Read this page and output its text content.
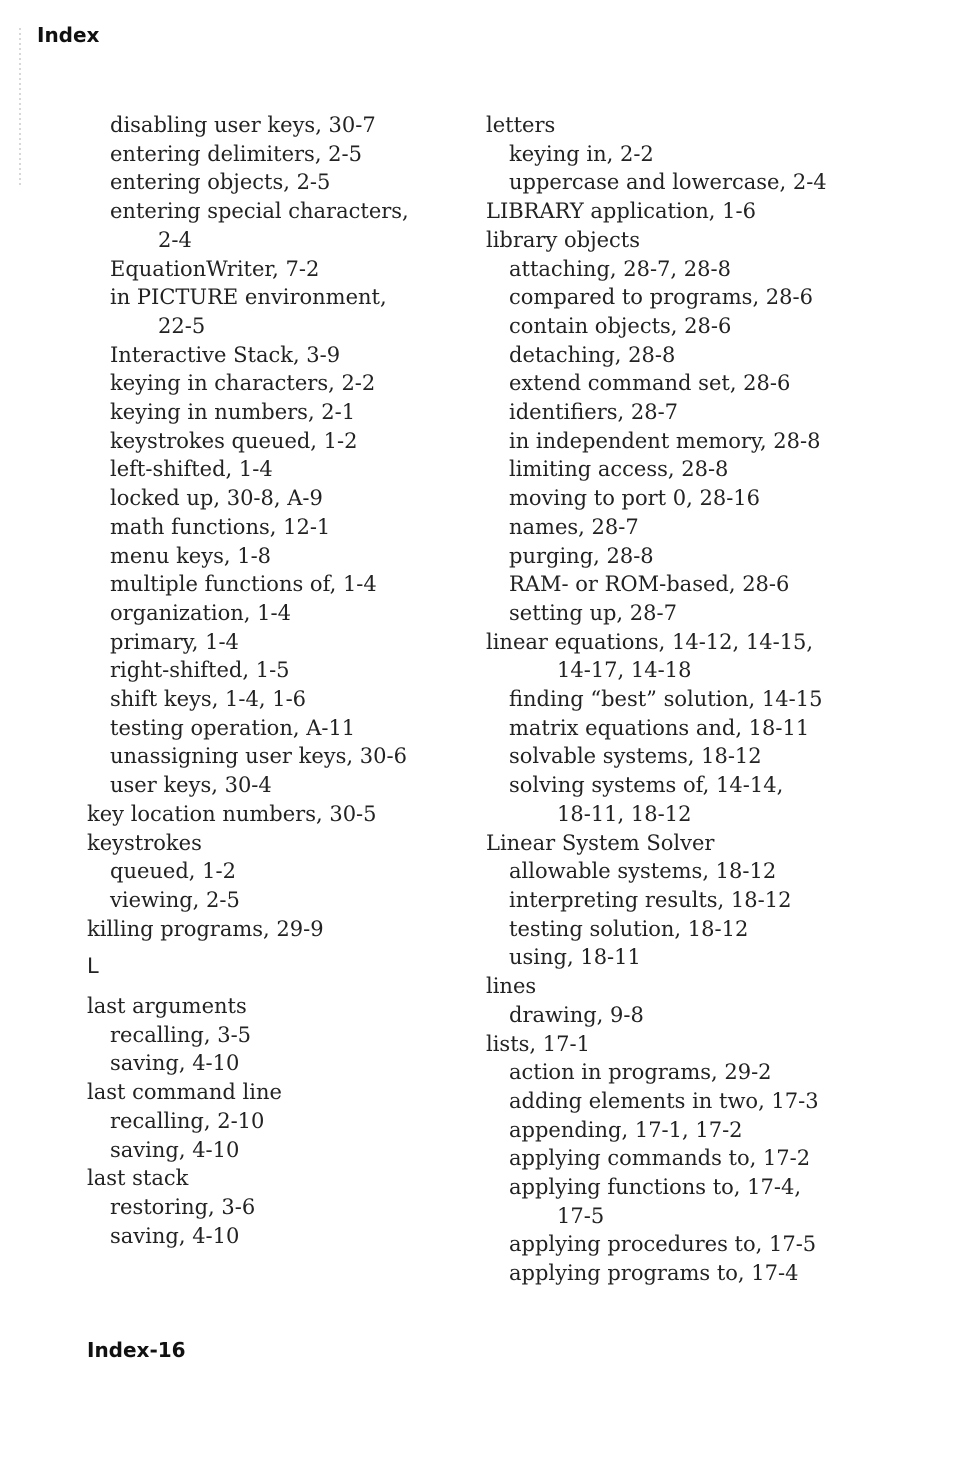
Index
disabling user keys, 30-7
entering delimiters, 2-5
entering objects, 2-5
entering special characters,
2-4
EquationWriter, 7-2
in PICTURE environment,
22-5
Interactive Stack, 3-9
keying in characters, 2-2
keying in numbers, 2-1
keystrokes queued, 1-2
left-shifted, 1-4
locked up, 30-8, A-9
math functions, 12-1
menu keys, 1-8
multiple functions of, 1-4
organization, 1-4
primary, 1-4
right-shifted, 1-5
shift keys, 1-4, 1-6
testing operation, A-11
unassigning user keys, 30-6
user keys, 30-4
key location numbers, 30-5
keystrokes
queued, 1-2
viewing, 2-5
killing programs, 29-9
L
last arguments
recalling, 3-5
saving, 4-10
last command line
recalling, 2-10
saving, 4-10
last stack
restoring, 3-6
saving, 4-10
letters
keying in, 2-2
uppercase and lowercase, 2-4
LIBRARY application, 1-6
library objects
attaching, 28-7, 28-8
compared to programs, 28-6
contain objects, 28-6
detaching, 28-8
extend command set, 28-6
identifiers, 28-7
in independent memory, 28-8
limiting access, 28-8
moving to port 0, 28-16
names, 28-7
purging, 28-8
RAM- or ROM-based, 28-6
setting up, 28-7
linear equations, 14-12, 14-15,
14-17, 14-18
finding “best” solution, 14-15
matrix equations and, 18-11
solvable systems, 18-12
solving systems of, 14-14,
18-11, 18-12
Linear System Solver
allowable systems, 18-12
interpreting results, 18-12
testing solution, 18-12
using, 18-11
lines
drawing, 9-8
lists, 17-1
action in programs, 29-2
adding elements in two, 17-3
appending, 17-1, 17-2
applying commands to, 17-2
applying functions to, 17-4,
17-5
applying procedures to, 17-5
applying programs to, 17-4
Index-16
